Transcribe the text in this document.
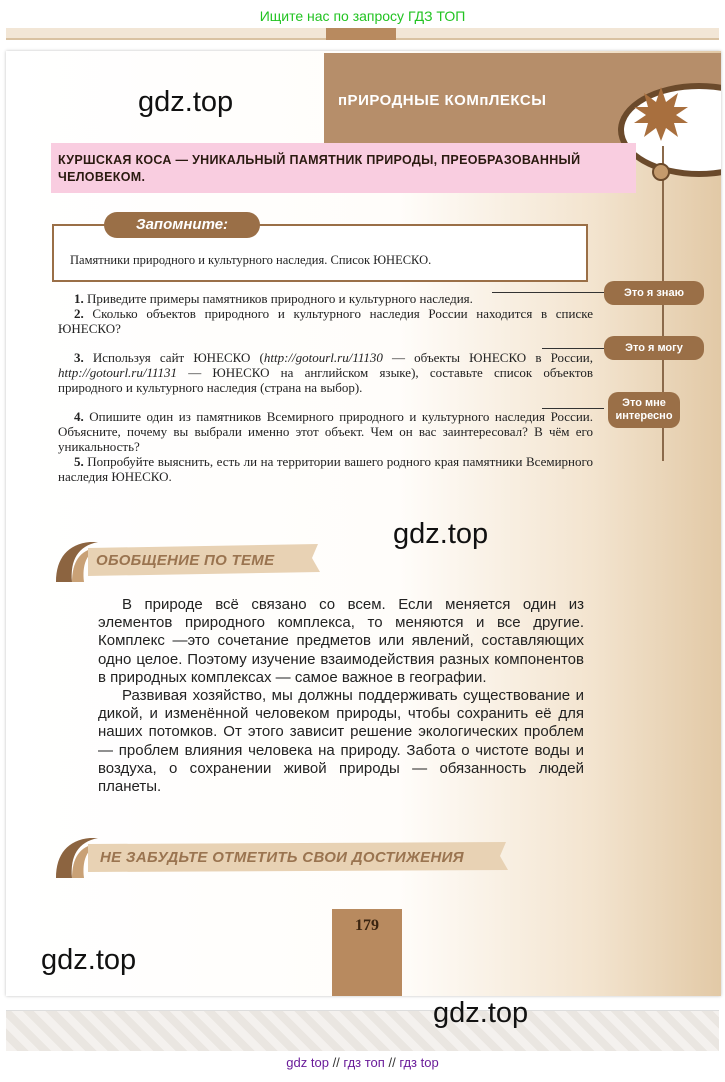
Ищите нас по запросу ГДЗ ТОП
пРИРОДНЫЕ КОМпЛЕКСЫ
gdz.top
КУРШСКАЯ КОСА — УНИКАЛЬНЫЙ ПАМЯТНИК ПРИРОДЫ, ПРЕОБРАЗОВАННЫЙ ЧЕЛОВЕКОМ.
Запомните:
Памятники природного и культурного наследия. Список ЮНЕСКО.

1. Приведите примеры памятников природного и культурного наследия.

2. Сколько объектов природного и культурного наследия России находится в списке ЮНЕСКО?

3. Используя сайт ЮНЕСКО (http://gotourl.ru/11130 — объекты ЮНЕСКО в России, http://gotourl.ru/11131 — ЮНЕСКО на английском языке), составьте список объектов природного и культурного наследия (страна на выбор).

4. Опишите один из памятников Всемирного природного и культурного наследия России. Объясните, почему вы выбрали именно этот объект. Чем он вас заинтересовал? В чём его уникальность?

5. Попробуйте выяснить, есть ли на территории вашего родного края памятники Всемирного наследия ЮНЕСКО.

Это я знаю
Это я могу
Это мне интересно
gdz.top
ОБОБЩЕНИЕ ПО ТЕМЕ

В природе всё связано со всем. Если меняется один из элементов природного комплекса, то меняются и все другие. Комплекс —это сочетание предметов или явлений, составляющих одно целое. Поэтому изучение взаимодействия разных компонентов в природных комплексах — самое важное в географии.

Развивая хозяйство, мы должны поддерживать существование и дикой, и изменённой человеком природы, чтобы сохранить её для наших потомков. От этого зависит решение экологических проблем — проблем влияния человека на природу. Забота о чистоте воды и воздуха, о сохранении живой природы — обязанность людей планеты.

НЕ ЗАБУДЬТЕ ОТМЕТИТЬ СВОИ ДОСТИЖЕНИЯ
179
gdz.top
gdz.top
gdz top // гдз топ // гдз top
